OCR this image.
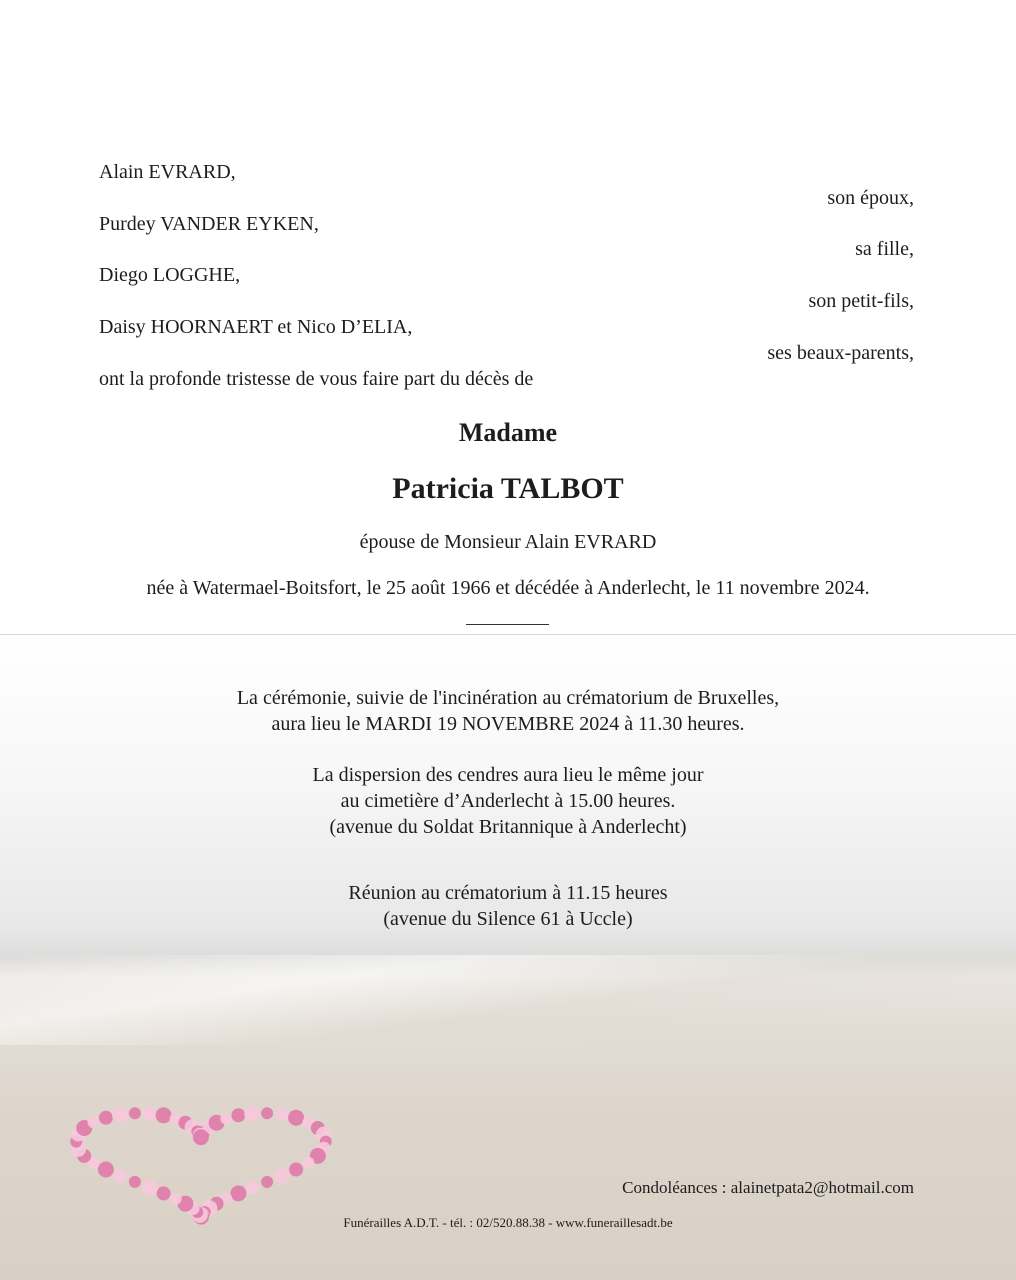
Alain EVRARD,

son époux,

Purdey VANDER EYKEN,

sa fille,

Diego LOGGHE,

son petit-fils,

Daisy HOORNAERT et Nico D’ELIA,

ses beaux-parents,

ont la profonde tristesse de vous faire part du décès de

Madame

Patricia TALBOT

épouse de Monsieur Alain EVRARD

née à Watermael-Boitsfort, le 25 août 1966 et décédée à Anderlecht, le 11 novembre 2024.

La cérémonie, suivie de l'incinération au crématorium de Bruxelles,

aura lieu le MARDI 19 NOVEMBRE 2024 à 11.30 heures.

La dispersion des cendres aura lieu le même jour

au cimetière d’Anderlecht à 15.00 heures.

(avenue du Soldat Britannique à Anderlecht)

Réunion au crématorium à 11.15 heures

(avenue du Silence 61 à Uccle)

Condoléances : alainetpata2@hotmail.com

Funérailles A.D.T. - tél. : 02/520.88.38 - www.funeraillesadt.be
